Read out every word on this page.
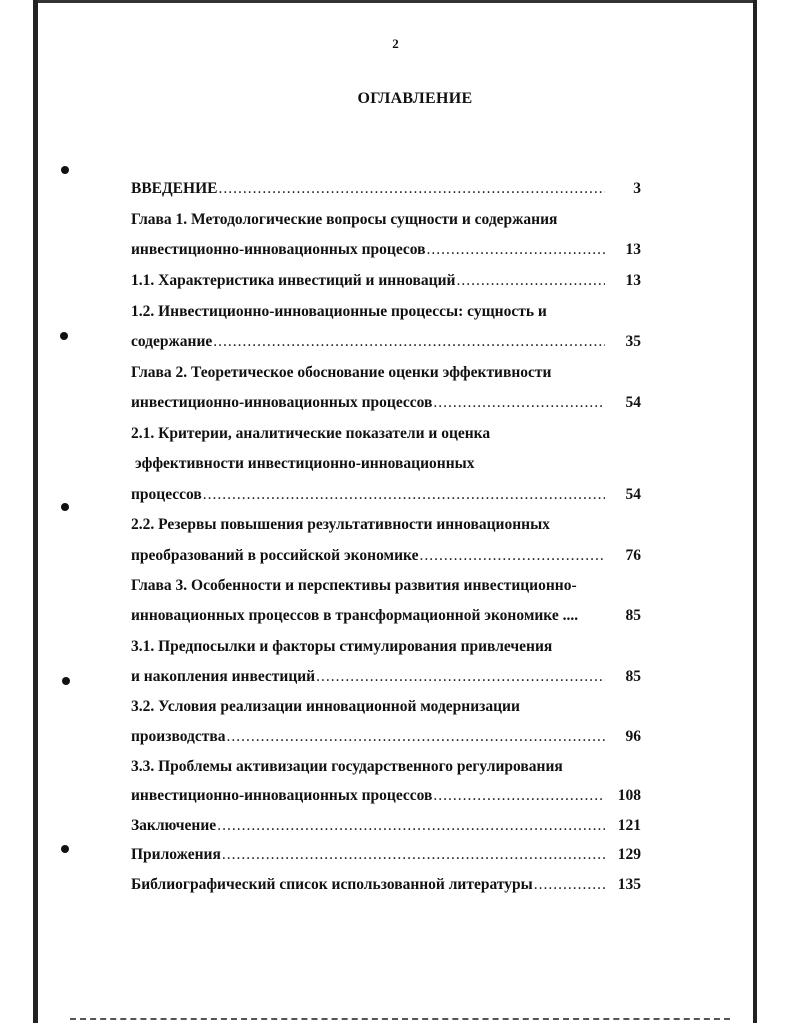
2
ОГЛАВЛЕНИЕ
ВВЕДЕНИЕ .....	3
Глава 1. Методологические вопросы сущности и содержания
инвестиционно-инновационных процесов .....	13
1.1. Характеристика инвестиций и инноваций .....	13
1.2. Инвестиционно-инновационные процессы: сущность и
содержание .....	35
Глава 2. Теоретическое обоснование оценки эффективности
инвестиционно-инновационных процессов .....	54
2.1. Критерии, аналитические показатели и оценка
эффективности инвестиционно-инновационных
процессов .....	54
2.2. Резервы повышения результативности инновационных
преобразований в российской экономике .....	76
Глава 3. Особенности и перспективы развития инвестиционно-
инновационных процессов в трансформационной экономике ....	85
3.1. Предпосылки и факторы стимулирования привлечения
и накопления инвестиций .....	85
3.2. Условия реализации инновационной модернизации
производства .....	96
3.3. Проблемы активизации государственного регулирования
инвестиционно-инновационных процессов .....	108
Заключение .....	121
Приложения .....	129
Библиографический список использованной литературы .....	135
